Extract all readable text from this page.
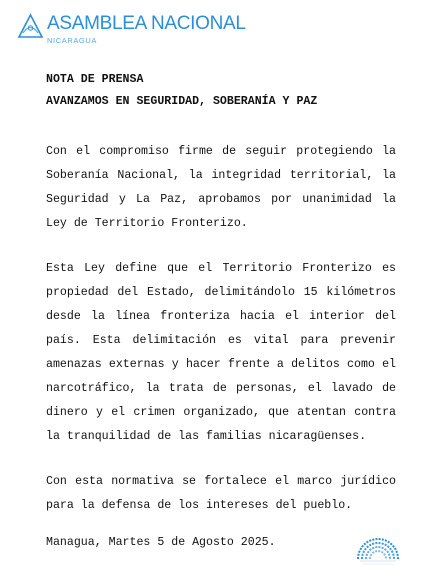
ASAMBLEA NACIONAL
NICARAGUA
NOTA DE PRENSA
AVANZAMOS EN SEGURIDAD, SOBERANÍA Y PAZ

Con el compromiso firme de seguir protegiendo la Soberanía Nacional, la integridad territorial, la Seguridad y La Paz, aprobamos por unanimidad la Ley de Territorio Fronterizo.

Esta Ley define que el Territorio Fronterizo es propiedad del Estado, delimitándolo 15 kilómetros desde la línea fronteriza hacia el interior del país. Esta delimitación es vital para prevenir amenazas externas y hacer frente a delitos como el narcotráfico, la trata de personas, el lavado de dinero y el crimen organizado, que atentan contra la tranquilidad de las familias nicaragüenses.

Con esta normativa se fortalece el marco jurídico para la defensa de los intereses del pueblo.

Managua, Martes 5 de Agosto 2025.
